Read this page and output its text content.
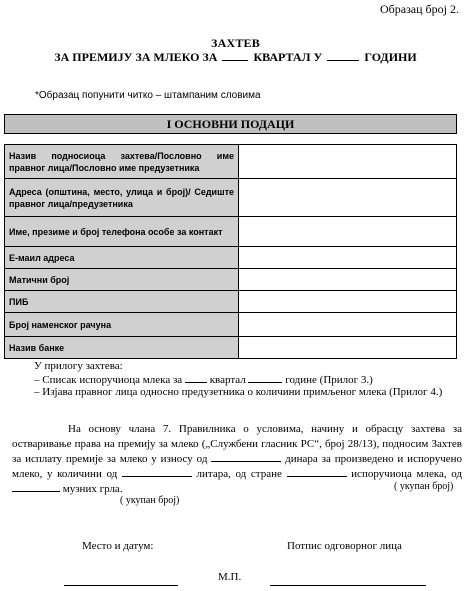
Образац број 2.
ЗАХТЕВ
ЗА ПРЕМИЈУ ЗА МЛЕКО ЗА	КВАРТАЛ У	ГОДИНИ
*Образац попунити читко – штампаним словима
I ОСНОВНИ ПОДАЦИ
Назив подносиоца захтева/Пословно име правног лица/Пословно име предузетника	
Адреса (општина, место, улица и број)/ Седиште правног лица/предузетника	
Име, презиме и број телефона особе за контакт	
Е-маил адреса	
Матични број	
ПИБ	
Број наменског рачуна	
Назив банке	
У прилогу захтева:
– Списак испоручиоца млека за	квартал	године (Прилог 3.)
– Изјава правног лица односно предузетника о количини примљеног млека (Прилог 4.)
На основу члана 7. Правилника о условима, начину и обрасцу захтева за остваривање права на премију за млеко („Службени гласник РС“, број 28/13), подносим Захтев за исплату премије за млеко у износу од	динара за произведено и испоручено млеко, у количини од	литара, од стране	испоручиоца млека, од  музних грла.	( укупан број)
( укупан број)
Место и датум:	Потпис одговорног лица
М.П.
